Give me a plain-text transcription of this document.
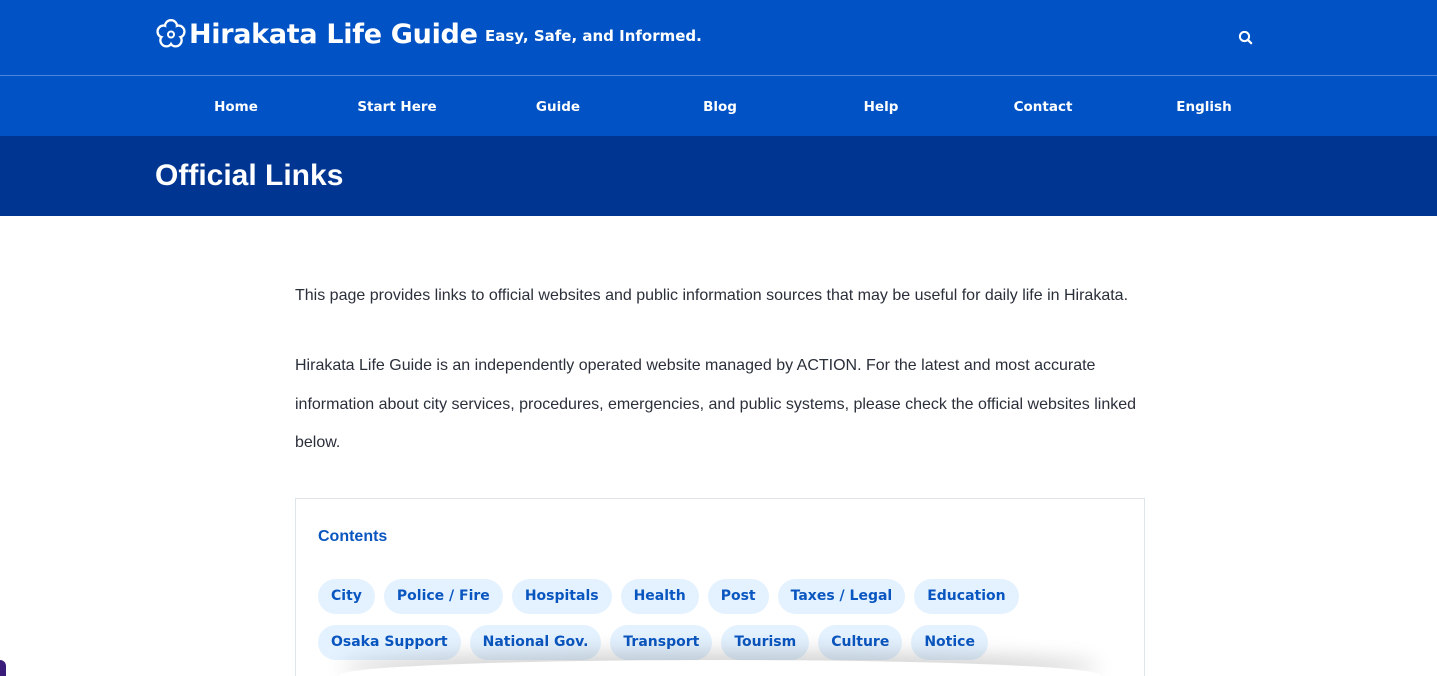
Hirakata Life Guide Easy, Safe, and Informed.
Home	Start Here	Guide	Blog	Help	Contact	English
Official Links

This page provides links to official websites and public information sources that may be useful for daily life in Hirakata.

Hirakata Life Guide is an independently operated website managed by ACTION. For the latest and most accurate information about city services, procedures, emergencies, and public systems, please check the official websites linked below.

Contents
City	Police / Fire	Hospitals	Health	Post	Taxes / Legal	Education
Osaka Support	National Gov.	Transport	Tourism	Culture	Notice
